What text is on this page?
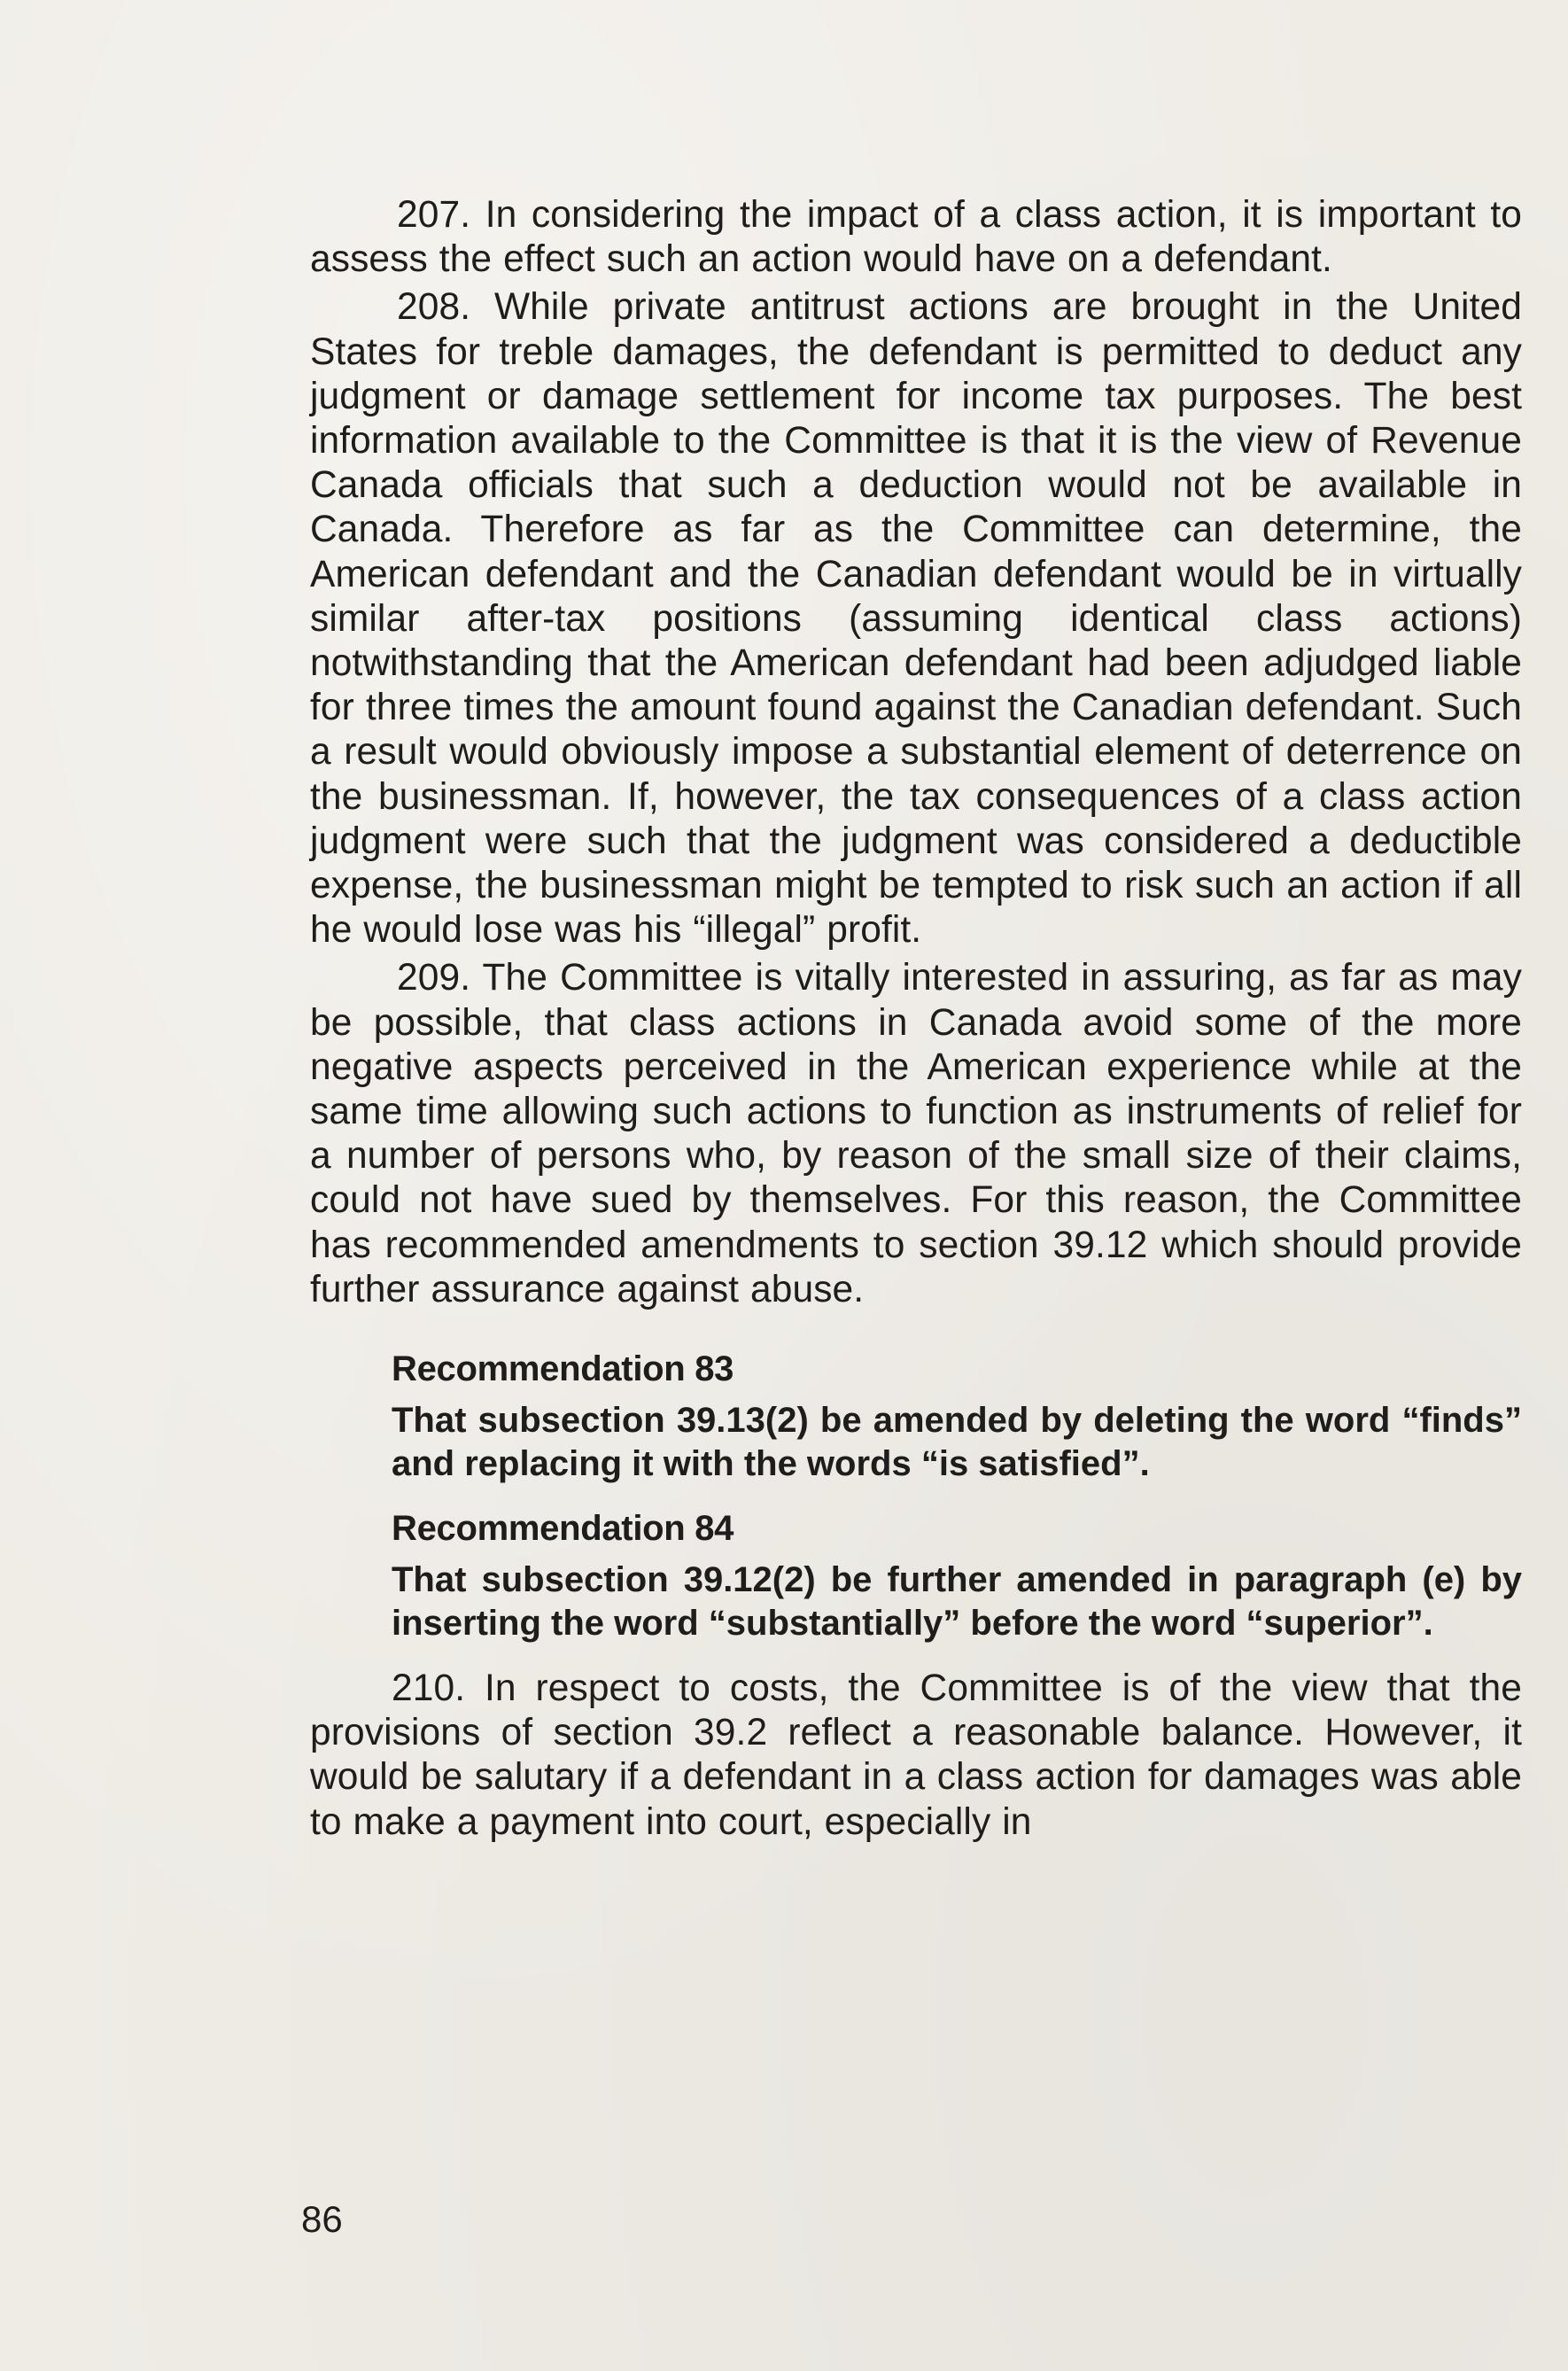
207. In considering the impact of a class action, it is important to assess the effect such an action would have on a defendant.

208. While private antitrust actions are brought in the United States for treble damages, the defendant is permitted to deduct any judgment or damage settlement for income tax purposes. The best information available to the Committee is that it is the view of Revenue Canada officials that such a deduction would not be available in Canada. Therefore as far as the Committee can determine, the American defendant and the Canadian defendant would be in virtually similar after-tax positions (assuming identical class actions) notwithstanding that the American defendant had been adjudged liable for three times the amount found against the Canadian defendant. Such a result would obviously impose a substantial element of deterrence on the businessman. If, however, the tax consequences of a class action judgment were such that the judgment was considered a deductible expense, the businessman might be tempted to risk such an action if all he would lose was his “illegal” profit.

209. The Committee is vitally interested in assuring, as far as may be possible, that class actions in Canada avoid some of the more negative aspects perceived in the American experience while at the same time allowing such actions to function as instruments of relief for a number of persons who, by reason of the small size of their claims, could not have sued by themselves. For this reason, the Committee has recommended amendments to section 39.12 which should provide further assurance against abuse.

Recommendation 83
That subsection 39.13(2) be amended by deleting the word “finds” and replacing it with the words “is satisfied”.
Recommendation 84
That subsection 39.12(2) be further amended in paragraph (e) by inserting the word “substantially” before the word “superior”.

210. In respect to costs, the Committee is of the view that the provisions of section 39.2 reflect a reasonable balance. However, it would be salutary if a defendant in a class action for damages was able to make a payment into court, especially in

86
